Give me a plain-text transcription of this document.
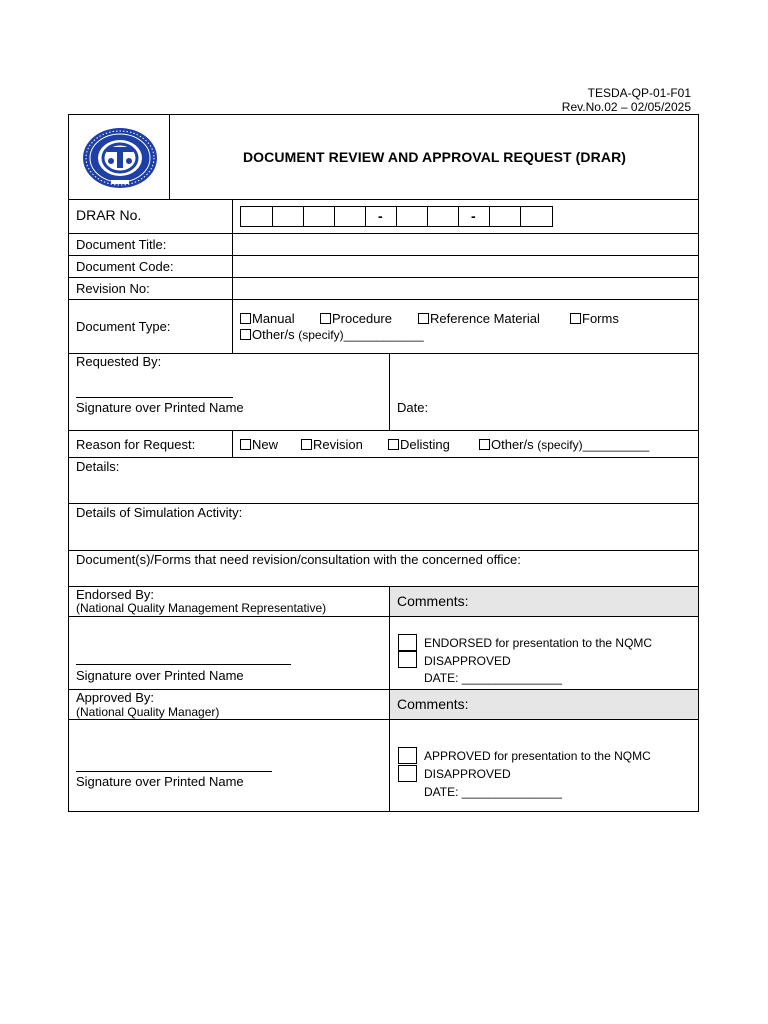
TESDA-QP-01-F01
Rev.No.02 – 02/05/2025
DOCUMENT REVIEW AND APPROVAL REQUEST (DRAR)
DRAR No.	-	-
Document Title:
Document Code:
Revision No:
Document Type:
Manual	Procedure	Reference Material	Forms
Other/s (specify)____________
Requested By:
Signature over Printed Name	Date:
Reason for Request:	New	Revision	Delisting	Other/s (specify)__________
Details:
Details of Simulation Activity:
Document(s)/Forms that need revision/consultation with the concerned office:
Endorsed By:
(National Quality Management Representative)	Comments:
Signature over Printed Name
ENDORSED for presentation to the NQMC
DISAPPROVED
DATE: _______________
Approved By:
(National Quality Manager)	Comments:
Signature over Printed Name
APPROVED for presentation to the NQMC
DISAPPROVED
DATE: _______________
